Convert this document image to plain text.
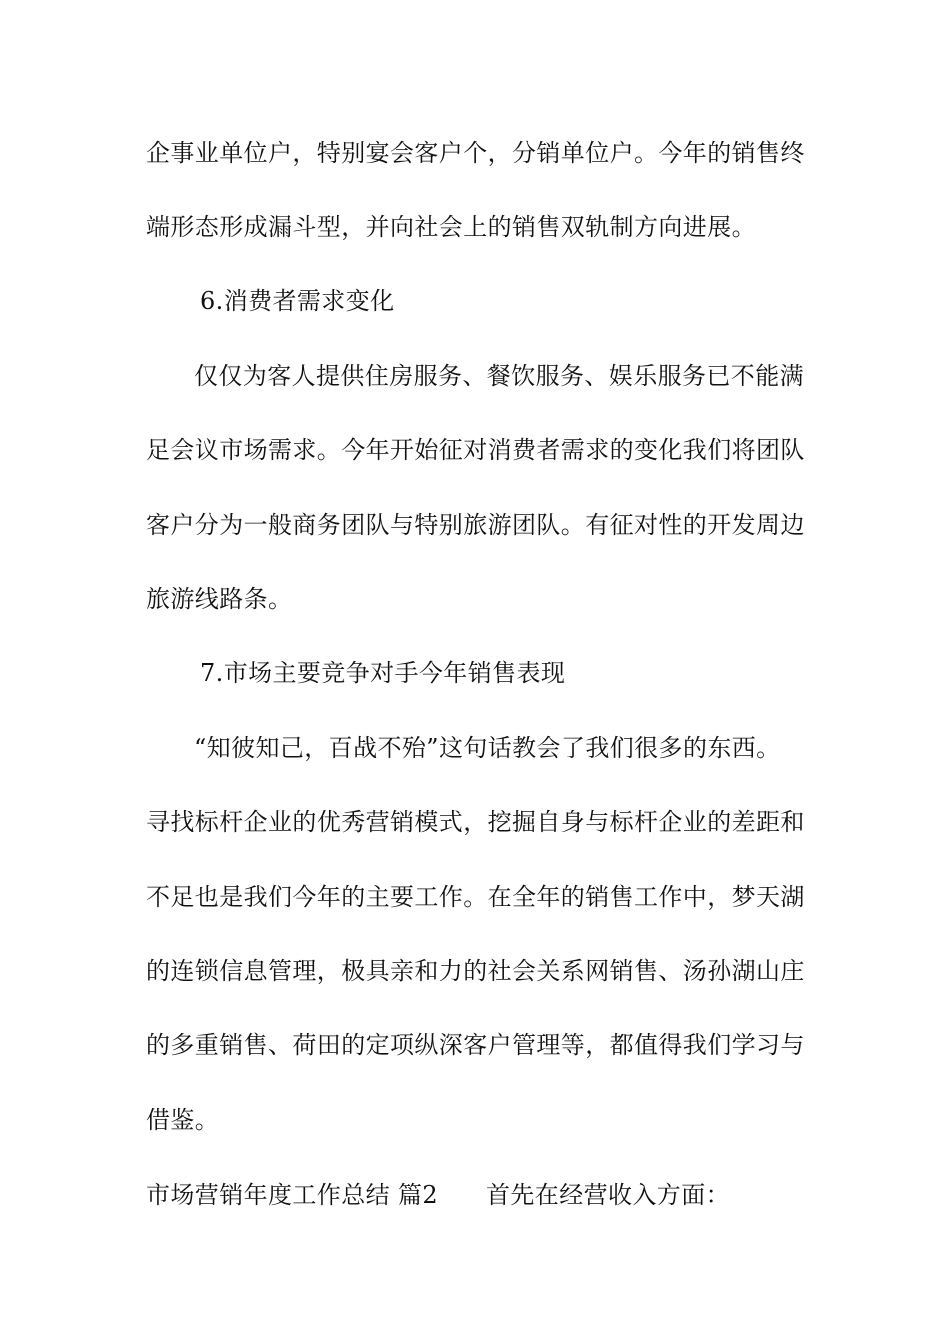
企事业单位户，特别宴会客户个，分销单位户。今年的销售终
端形态形成漏斗型，并向社会上的销售双轨制方向进展。
6.消费者需求变化
仅仅为客人提供住房服务、餐饮服务、娱乐服务已不能满
足会议市场需求。今年开始征对消费者需求的变化我们将团队
客户分为一般商务团队与特别旅游团队。有征对性的开发周边
旅游线路条。
7.市场主要竞争对手今年销售表现
“知彼知己，百战不殆”这句话教会了我们很多的东西。
寻找标杆企业的优秀营销模式，挖掘自身与标杆企业的差距和
不足也是我们今年的主要工作。在全年的销售工作中，梦天湖
的连锁信息管理，极具亲和力的社会关系网销售、汤孙湖山庄
的多重销售、荷田的定项纵深客户管理等，都值得我们学习与
借鉴。
市场营销年度工作总结 篇2 首先在经营收入方面：
